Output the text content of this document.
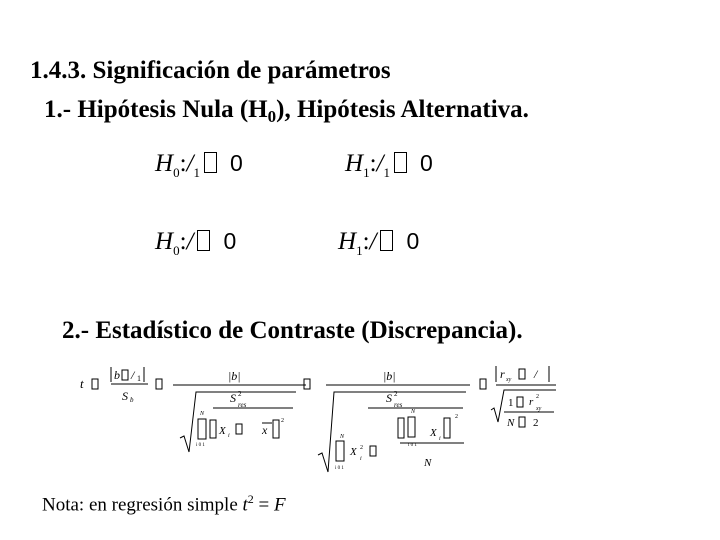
1.4.3. Significación de parámetros
1.- Hipótesis Nula $(H_0)$, Hipótesis Alternativa.
$H_0:/_1$ 0	$H_1:/_1$ 0
$H_0:/$ 0	$H_1:/$ 0
2.- Estadístico de Contraste (Discrepancia).
t
b / 1
S b
|b|
S 2
res
N
i 0 1
X i	x
2
|b|
S 2
res
N
i 0 1
X 2
i
N
i 0 1
X i
2
N
r xy /
1 r 2
xy
N 2
Nota: en regresión simple $t^2 = F$
